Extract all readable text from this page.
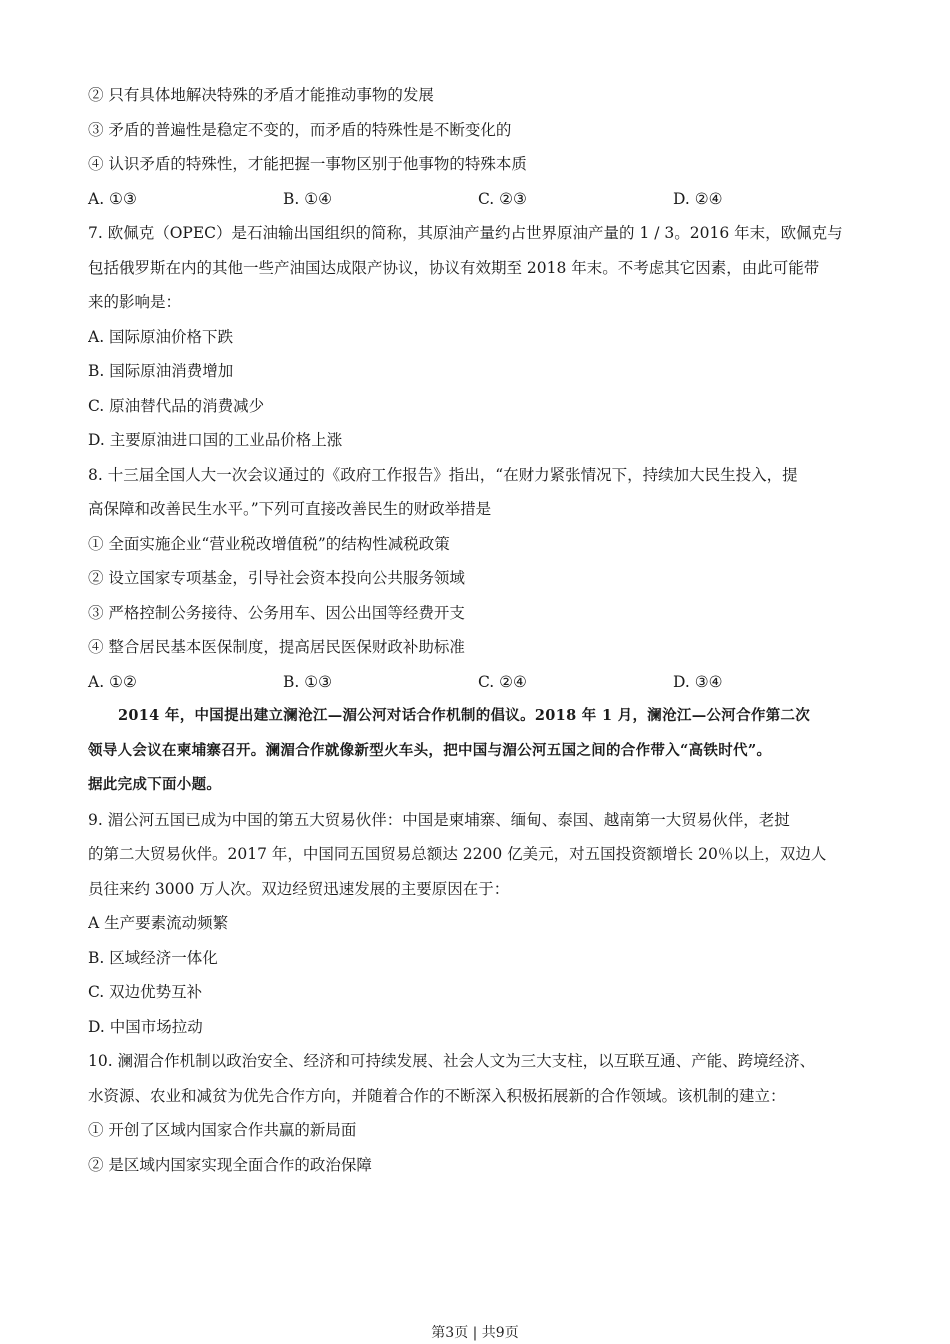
② 只有具体地解决特殊的矛盾才能推动事物的发展
③ 矛盾的普遍性是稳定不变的，而矛盾的特殊性是不断变化的
④ 认识矛盾的特殊性，才能把握一事物区别于他事物的特殊本质
A. ①③	B. ①④	C. ②③	D. ②④
7. 欧佩克（OPEC）是石油输出国组织的简称，其原油产量约占世界原油产量的 1 / 3。2016 年末，欧佩克与
包括俄罗斯在内的其他一些产油国达成限产协议，协议有效期至 2018 年末。不考虑其它因素，由此可能带
来的影响是：
A. 国际原油价格下跌
B. 国际原油消费增加
C. 原油替代品的消费减少
D. 主要原油进口国的工业品价格上涨
8. 十三届全国人大一次会议通过的《政府工作报告》指出，“在财力紧张情况下，持续加大民生投入，提
高保障和改善民生水平。”下列可直接改善民生的财政举措是
① 全面实施企业“营业税改增值税”的结构性减税政策
② 设立国家专项基金，引导社会资本投向公共服务领域
③ 严格控制公务接待、公务用车、因公出国等经费开支
④ 整合居民基本医保制度，提高居民医保财政补助标准
A. ①②	B. ①③	C. ②④	D. ③④
2014 年，中国提出建立澜沧江—湄公河对话合作机制的倡议。2018 年 1 月，澜沧江—公河合作第二次
领导人会议在柬埔寨召开。澜湄合作就像新型火车头，把中国与湄公河五国之间的合作带入“高铁时代”。
据此完成下面小题。
9. 湄公河五国已成为中国的第五大贸易伙伴：中国是柬埔寨、缅甸、泰国、越南第一大贸易伙伴，老挝
的第二大贸易伙伴。2017 年，中国同五国贸易总额达 2200 亿美元，对五国投资额增长 20％以上，双边人
员往来约 3000 万人次。双边经贸迅速发展的主要原因在于：
A 生产要素流动频繁
B. 区域经济一体化
C. 双边优势互补
D. 中国市场拉动
10. 澜湄合作机制以政治安全、经济和可持续发展、社会人文为三大支柱，以互联互通、产能、跨境经济、
水资源、农业和减贫为优先合作方向，并随着合作的不断深入积极拓展新的合作领域。该机制的建立：
① 开创了区域内国家合作共赢的新局面
② 是区域内国家实现全面合作的政治保障
第3页 | 共9页
